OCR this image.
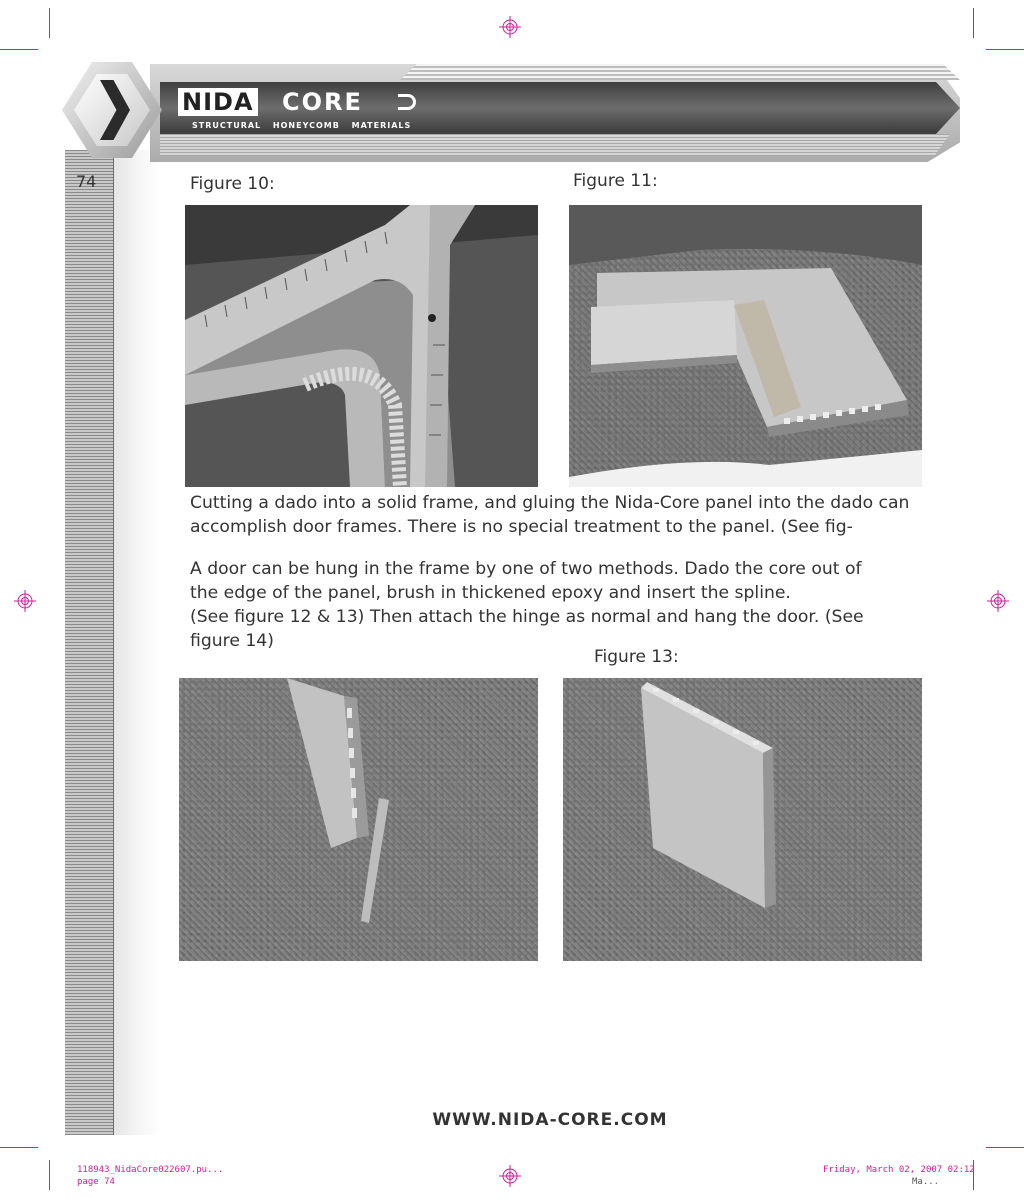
NIDA CORE
STRUCTURAL HONEYCOMB MATERIALS
74	Figure 10:	Figure 11:
Cutting a dado into a solid frame, and gluing the Nida-Core panel into the dado can accomplish door frames. There is no special treatment to the panel. (See fig-
A door can be hung in the frame by one of two methods. Dado the core out of
the edge of the panel, brush in thickened epoxy and insert the spline.
(See figure 12 & 13) Then attach the hinge as normal and hang the door. (See
figure 14)
Figure 13:
WWW.NIDA-CORE.COM
118943_NidaCore022607.pu...
page 74
Friday, March 02, 2007 02:12
Ma...
